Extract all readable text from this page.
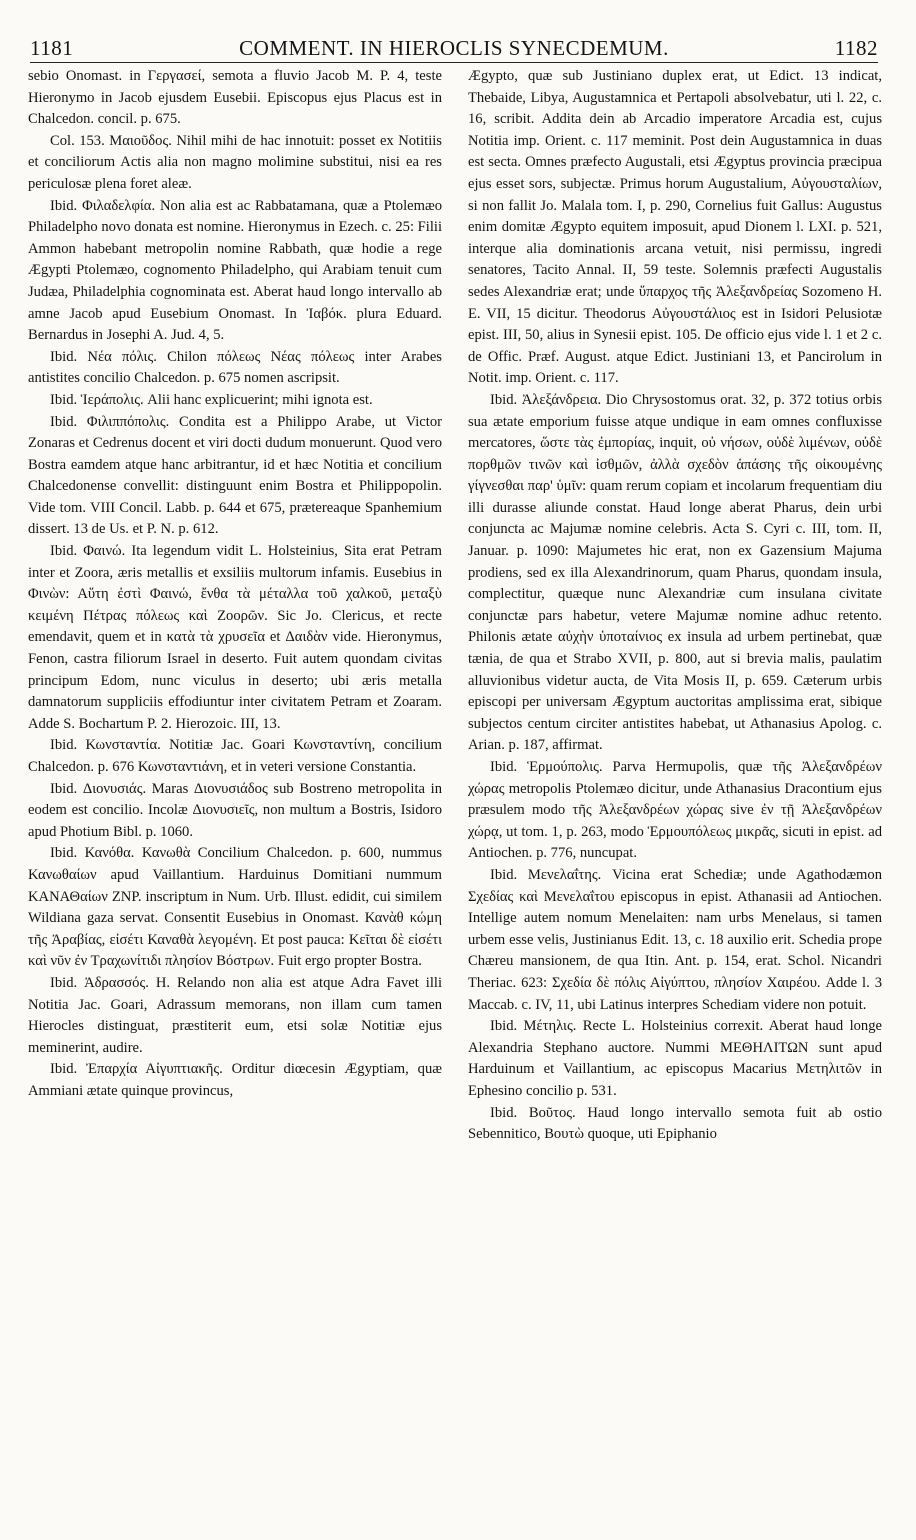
1181	COMMENT. IN HIEROCLIS SYNECDEMUM.	1182

sebio Onomast. in Γεργασεί, semota a fluvio Jacob M. P. 4, teste Hieronymo in Jacob ejusdem Eusebii. Episcopus ejus Placus est in Chalcedon. concil. p. 675.

Col. 153. Μαιοῦδος. Nihil mihi de hac innotuit: posset ex Notitiis et conciliorum Actis alia non magno molimine substitui, nisi ea res periculosæ plena foret aleæ.

Ibid. Φιλαδελφία. Non alia est ac Rabbatamana, quæ a Ptolemæo Philadelpho novo donata est nomine. Hieronymus in Ezech. c. 25: Filii Ammon habebant metropolin nomine Rabbath, quæ hodie a rege Ægypti Ptolemæo, cognomento Philadelpho, qui Arabiam tenuit cum Judæa, Philadelphia cognominata est. Aberat haud longo intervallo ab amne Jacob apud Eusebium Onomast. In Ἰαβόκ. plura Eduard. Bernardus in Josephi A. Jud. 4, 5.

Ibid. Νέα πόλις. Chilon πόλεως Νέας πόλεως inter Arabes antistites concilio Chalcedon. p. 675 nomen ascripsit.

Ibid. Ἱεράπολις. Alii hanc explicuerint; mihi ignota est.

Ibid. Φιλιππόπολις. Condita est a Philippo Arabe, ut Victor Zonaras et Cedrenus docent et viri docti dudum monuerunt. Quod vero Bostra eamdem atque hanc arbitrantur, id et hæc Notitia et concilium Chalcedonense convellit: distinguunt enim Bostra et Philippopolin. Vide tom. VIII Concil. Labb. p. 644 et 675, prætereaque Spanhemium dissert. 13 de Us. et P. N. p. 612.

Ibid. Φαινώ. Ita legendum vidit L. Holsteinius, Sita erat Petram inter et Zoora, æris metallis et exsiliis multorum infamis. Eusebius in Φινὼν: Αὕτη ἐστὶ Φαινώ, ἔνθα τὰ μέταλλα τοῦ χαλκοῦ, μεταξὺ κειμένη Πέτρας πόλεως καὶ Ζοορῶν. Sic Jo. Clericus, et recte emendavit, quem et in κατὰ τὰ χρυσεῖα et Δαιδὰν vide. Hieronymus, Fenon, castra filiorum Israel in deserto. Fuit autem quondam civitas principum Edom, nunc viculus in deserto; ubi æris metalla damnatorum suppliciis effodiuntur inter civitatem Petram et Zoaram. Adde S. Bochartum P. 2. Hierozoic. III, 13.

Ibid. Κωνσταντία. Notitiæ Jac. Goari Κωνσταντίνη, concilium Chalcedon. p. 676 Κωνσταντιάνη, et in veteri versione Constantia.

Ibid. Διονυσιάς. Maras Διονυσιάδος sub Bostreno metropolita in eodem est concilio. Incolæ Διονυσιεῖς, non multum a Bostris, Isidoro apud Photium Bibl. p. 1060.

Ibid. Κανόθα. Κανωθὰ Concilium Chalcedon. p. 600, nummus Κανωθαίων apud Vaillantium. Harduinus Domitiani nummum ΚΑΝΑΘαίων ΖΝΡ. inscriptum in Num. Urb. Illust. edidit, cui similem Wildiana gaza servat. Consentit Eusebius in Onomast. Κανὰθ κώμη τῆς Ἀραβίας, εἰσέτι Καναθὰ λεγομένη. Et post pauca: Κεῖται δὲ εἰσέτι καὶ νῦν ἐν Τραχωνίτιδι πλησίον Βόστρων. Fuit ergo propter Bostra.

Ibid. Ἀδρασσός. H. Relando non alia est atque Adra Favet illi Notitia Jac. Goari, Adrassum memorans, non illam cum tamen Hierocles distinguat, præstiterit eum, etsi solæ Notitiæ ejus meminerint, audire.

Ibid. Ἐπαρχία Αἰγυπτιακῆς. Orditur diœcesin Ægyptiam, quæ Ammiani ætate quinque provincus,

Ægypto, quæ sub Justiniano duplex erat, ut Edict. 13 indicat, Thebaide, Libya, Augustamnica et Pertapoli absolvebatur, uti l. 22, c. 16, scribit. Addita dein ab Arcadio imperatore Arcadia est, cujus Notitia imp. Orient. c. 117 meminit. Post dein Augustamnica in duas est secta. Omnes præfecto Augustali, etsi Ægyptus provincia præcipua ejus esset sors, subjectæ. Primus horum Augustalium, Αὐγουσταλίων, si non fallit Jo. Malala tom. I, p. 290, Cornelius fuit Gallus: Augustus enim domitæ Ægypto equitem imposuit, apud Dionem l. LXI. p. 521, interque alia dominationis arcana vetuit, nisi permissu, ingredi senatores, Tacito Annal. II, 59 teste. Solemnis præfecti Augustalis sedes Alexandriæ erat; unde ὕπαρχος τῆς Ἀλεξανδρείας Sozomeno H. E. VII, 15 dicitur. Theodorus Αὐγουστάλιος est in Isidori Pelusiotæ epist. III, 50, alius in Synesii epist. 105. De officio ejus vide l. 1 et 2 c. de Offic. Præf. August. atque Edict. Justiniani 13, et Pancirolum in Notit. imp. Orient. c. 117.

Ibid. Ἀλεξάνδρεια. Dio Chrysostomus orat. 32, p. 372 totius orbis sua ætate emporium fuisse atque undique in eam omnes confluxisse mercatores, ὥστε τὰς ἐμπορίας, inquit, οὐ νήσων, οὐδὲ λιμένων, οὐδὲ πορθμῶν τινῶν καὶ ἰσθμῶν, ἀλλὰ σχεδὸν ἁπάσης τῆς οἰκουμένης γίγνεσθαι παρ' ὑμῖν: quam rerum copiam et incolarum frequentiam diu illi durasse aliunde constat. Haud longe aberat Pharus, dein urbi conjuncta ac Majumæ nomine celebris. Acta S. Cyri c. III, tom. II, Januar. p. 1090: Majumetes hic erat, non ex Gazensium Majuma prodiens, sed ex illa Alexandrinorum, quam Pharus, quondam insula, complectitur, quæque nunc Alexandriæ cum insulana civitate conjunctæ pars habetur, vetere Majumæ nomine adhuc retento. Philonis ætate αὐχὴν ὑποταίνιος ex insula ad urbem pertinebat, quæ tænia, de qua et Strabo XVII, p. 800, aut si brevia malis, paulatim alluvionibus videtur aucta, de Vita Mosis II, p. 659. Cæterum urbis episcopi per universam Ægyptum auctoritas amplissima erat, sibique subjectos centum circiter antistites habebat, ut Athanasius Apolog. c. Arian. p. 187, affirmat.

Ibid. Ἑρμούπολις. Parva Hermupolis, quæ τῆς Ἀλεξανδρέων χώρας metropolis Ptolemæo dicitur, unde Athanasius Dracontium ejus præsulem modo τῆς Ἀλεξανδρέων χώρας sive ἐν τῇ Ἀλεξανδρέων χώρᾳ, ut tom. 1, p. 263, modo Ἑρμουπόλεως μικρᾶς, sicuti in epist. ad Antiochen. p. 776, nuncupat.

Ibid. Μενελαΐτης. Vicina erat Schediæ; unde Agathodæmon Σχεδίας καὶ Μενελαΐτου episcopus in epist. Athanasii ad Antiochen. Intellige autem nomum Menelaiten: nam urbs Menelaus, si tamen urbem esse velis, Justinianus Edit. 13, c. 18 auxilio erit. Schedia prope Chæreu mansionem, de qua Itin. Ant. p. 154, erat. Schol. Nicandri Theriac. 623: Σχεδία δὲ πόλις Αἰγύπτου, πλησίον Χαιρέου. Adde l. 3 Maccab. c. IV, 11, ubi Latinus interpres Schediam videre non potuit.

Ibid. Μέτηλις. Recte L. Holsteinius correxit. Aberat haud longe Alexandria Stephano auctore. Nummi ΜΕΘΗΛΙΤΩΝ sunt apud Harduinum et Vaillantium, ac episcopus Macarius Μετηλιτῶν in Ephesino concilio p. 531.

Ibid. Βοῦτος. Haud longo intervallo semota fuit ab ostio Sebennitico, Βουτὼ quoque, uti Epiphanio
